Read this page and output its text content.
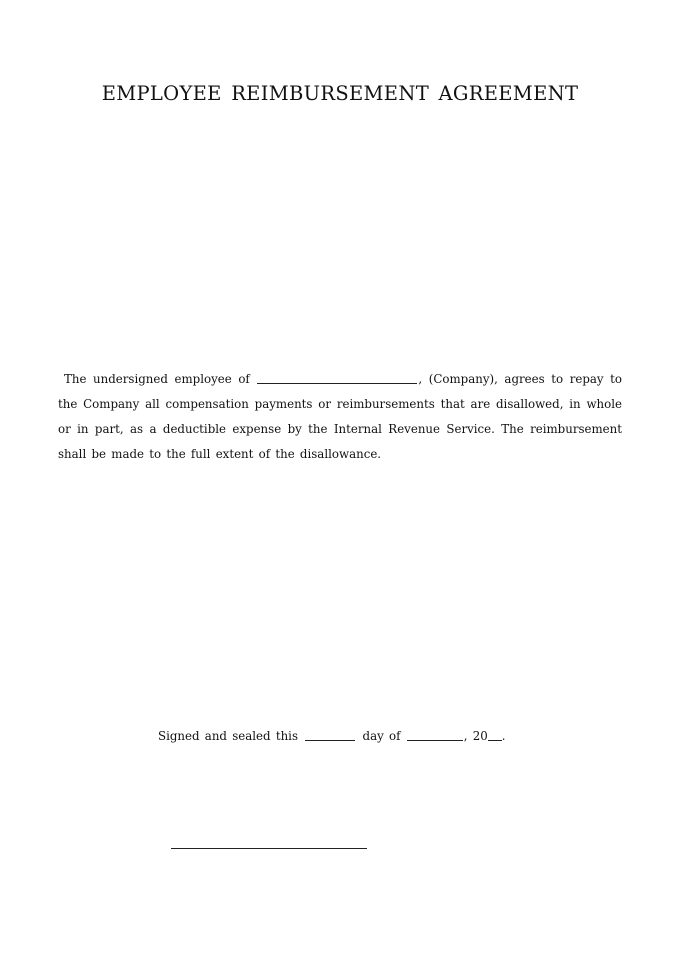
EMPLOYEE REIMBURSEMENT AGREEMENT

The undersigned employee of	, (Company), agrees to repay to the Company all compensation payments or reimbursements that are disallowed, in whole or in part, as a deductible expense by the Internal Revenue Service. The reimbursement shall be made to the full extent of the disallowance.

Signed and sealed this	day of	, 20 .
